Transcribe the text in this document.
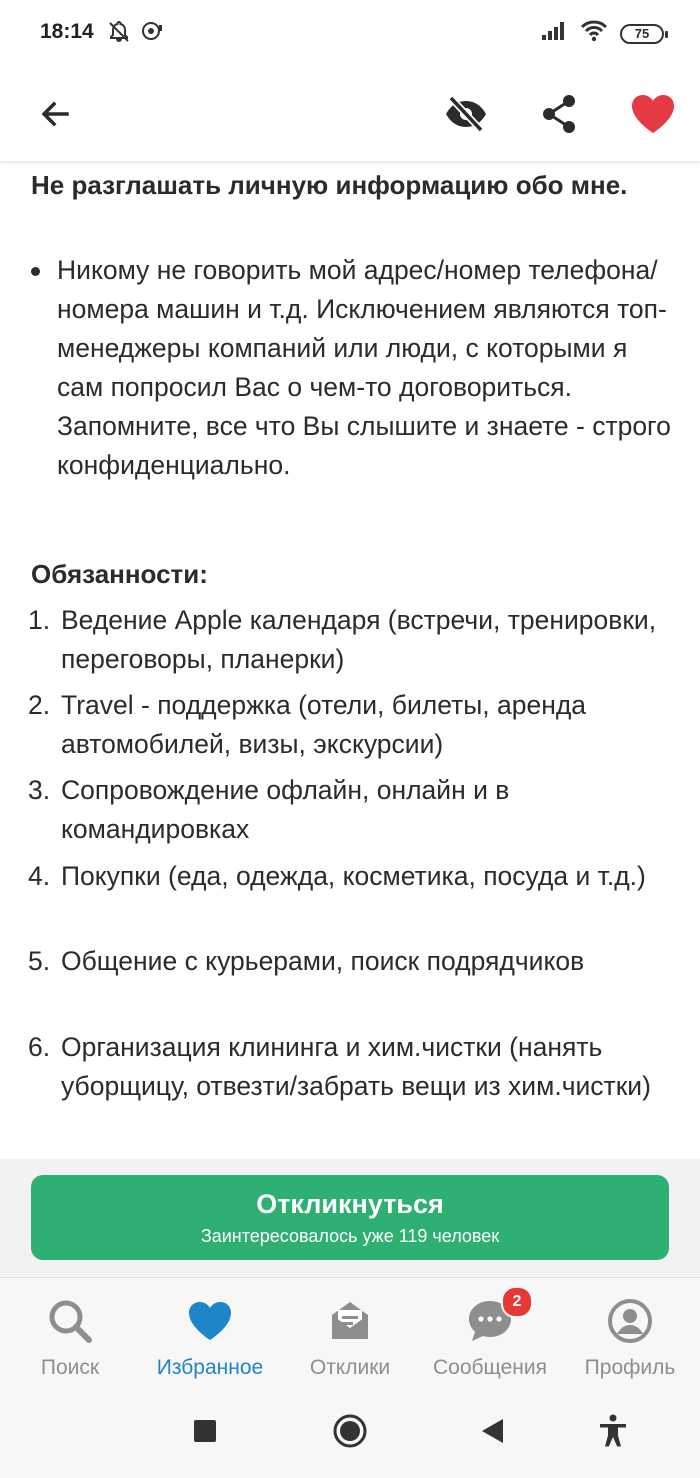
18:14	75
Не разглашать личную информацию обо мне.
Никому не говорить мой адрес/номер телефона/номера машин и т.д. Исключением являются топ-менеджеры компаний или люди, с которыми я сам попросил Вас о чем-то договориться. Запомните, все что Вы слышите и знаете - строго конфиденциально.
Обязанности:
1. Ведение Apple календаря (встречи, тренировки, переговоры, планерки)
2. Travel - поддержка (отели, билеты, аренда автомобилей, визы, экскурсии)
3. Сопровождение офлайн, онлайн и в командировках
4. Покупки (еда, одежда, косметика, посуда и т.д.)
5. Общение с курьерами, поиск подрядчиков
6. Организация клининга и хим.чистки (нанять уборщицу, отвезти/забрать вещи из хим.чистки)
Откликнуться
Заинтересовалось уже 119 человек
Поиск	Избранное Отклики
2
Сообщения Профиль
